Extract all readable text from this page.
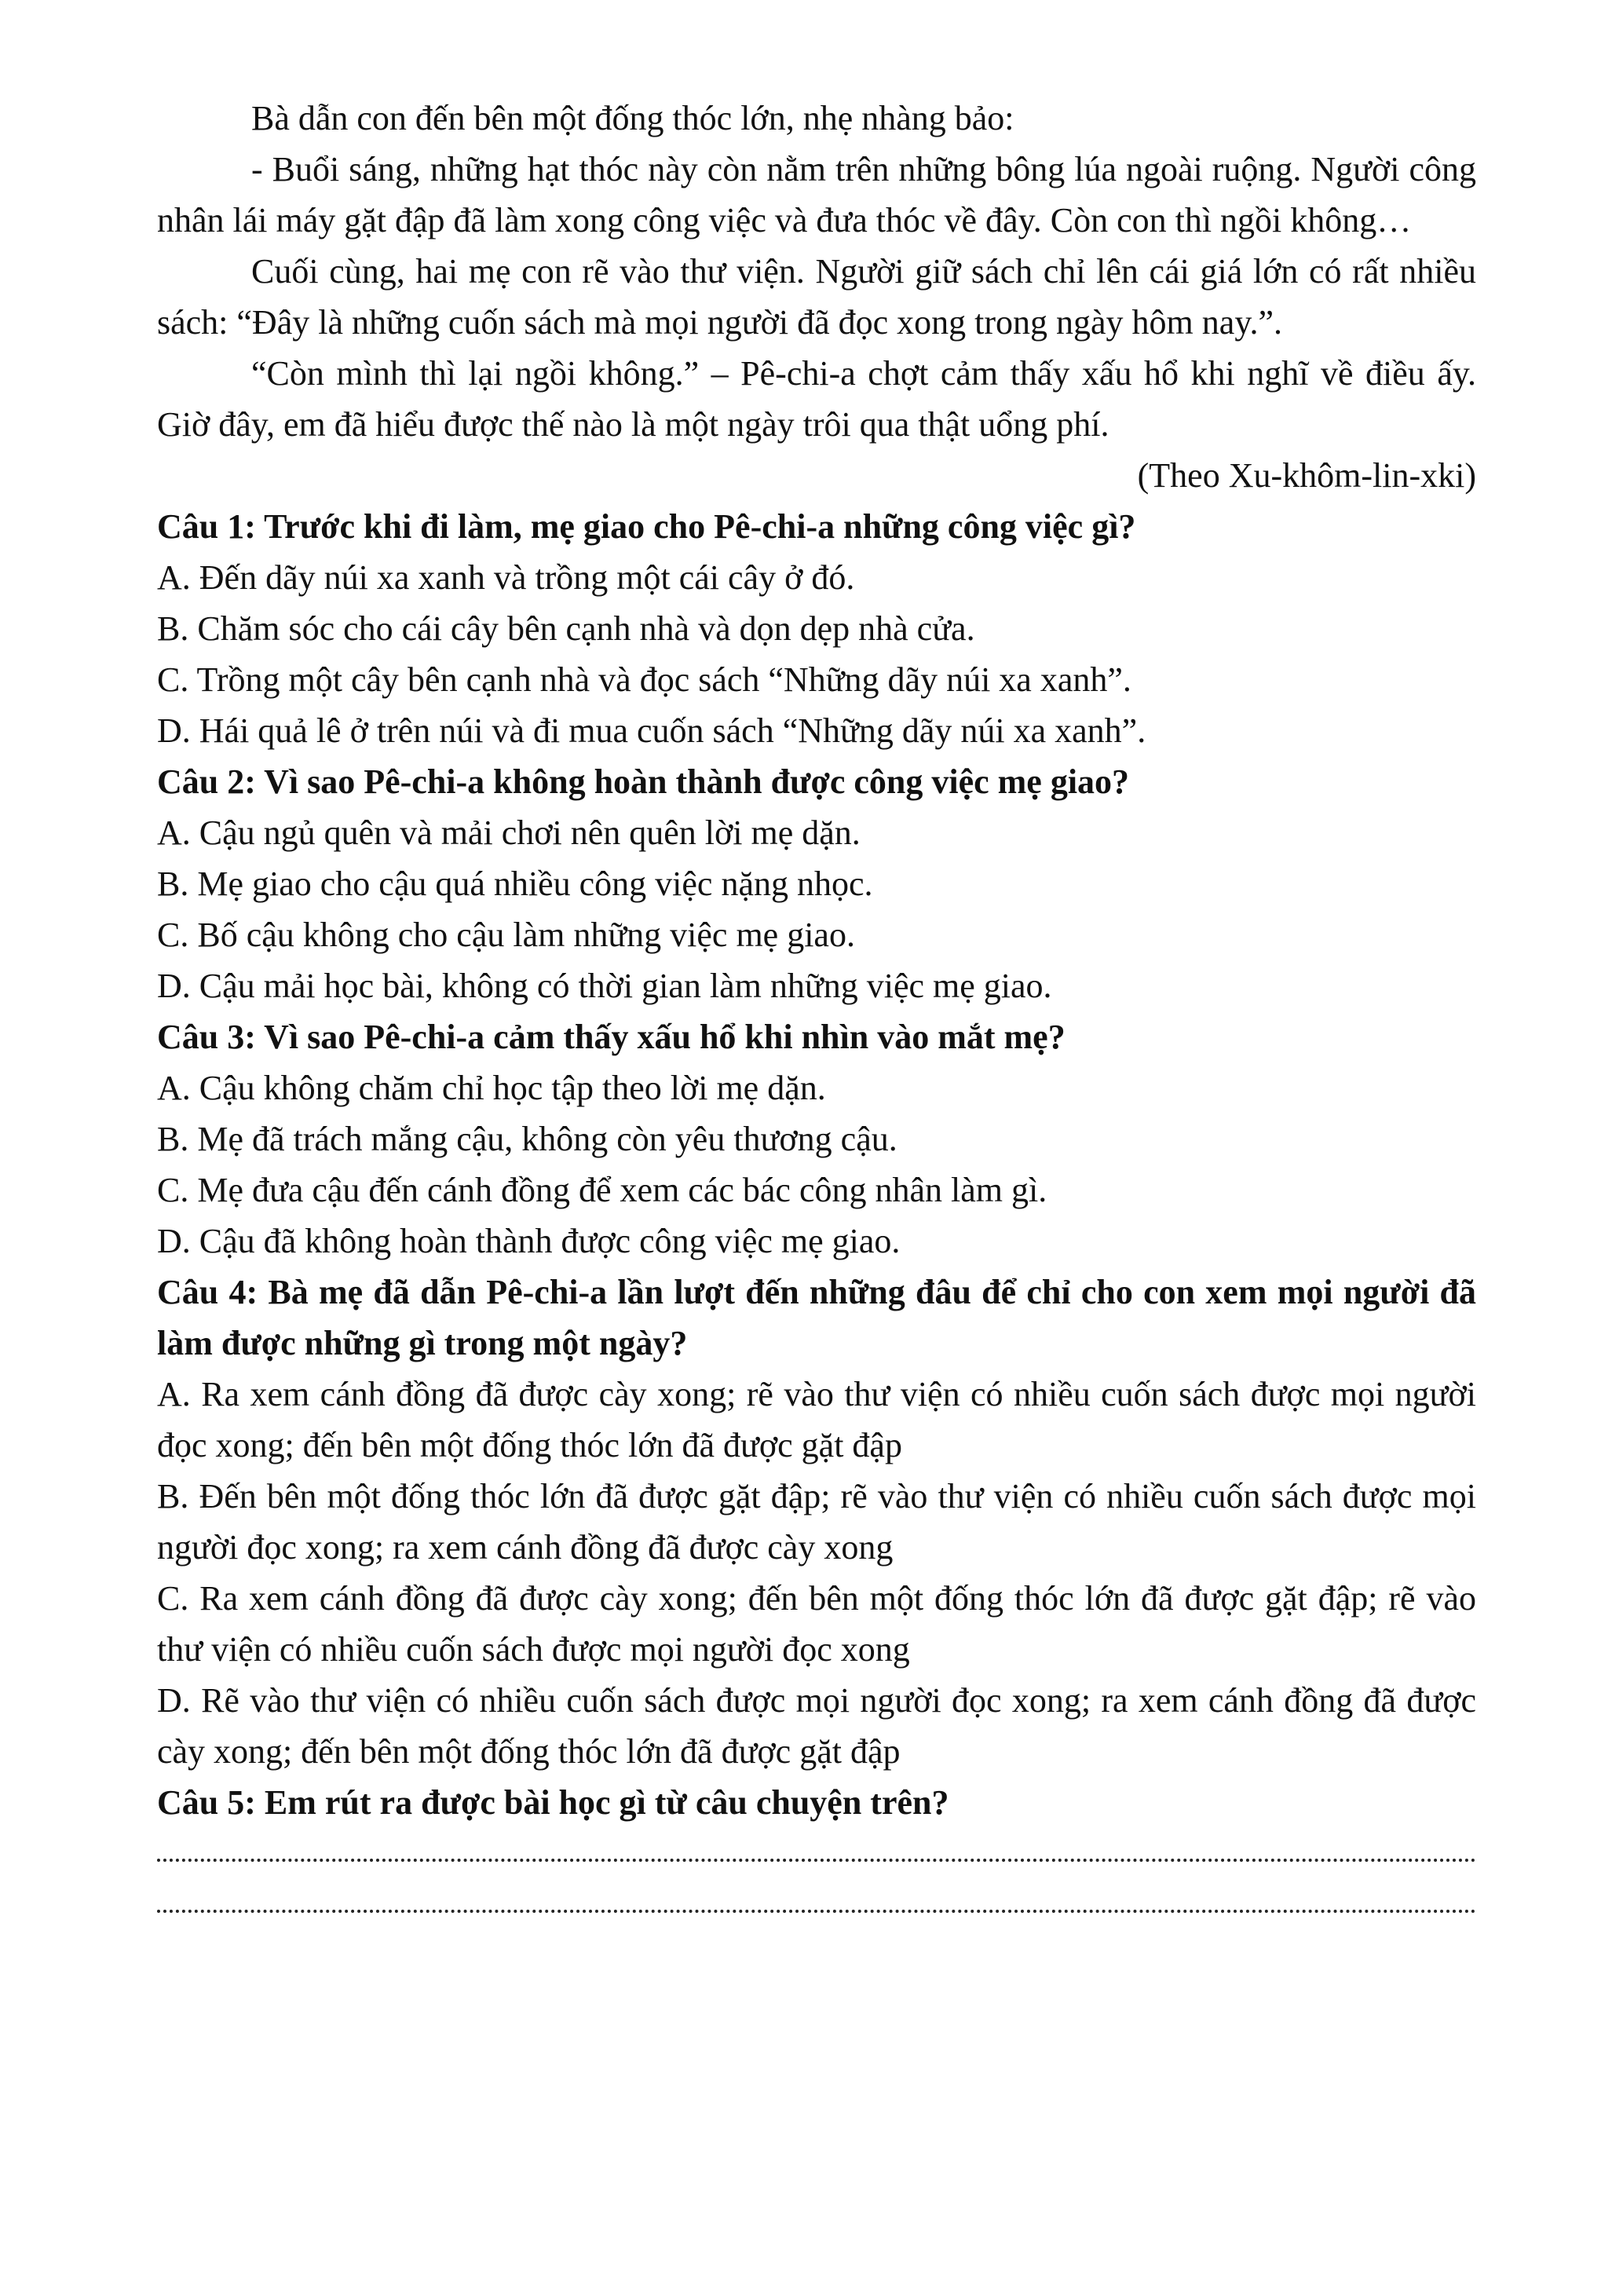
Bà dẫn con đến bên một đống thóc lớn, nhẹ nhàng bảo:

- Buổi sáng, những hạt thóc này còn nằm trên những bông lúa ngoài ruộng. Người công nhân lái máy gặt đập đã làm xong công việc và đưa thóc về đây. Còn con thì ngồi không…

Cuối cùng, hai mẹ con rẽ vào thư viện. Người giữ sách chỉ lên cái giá lớn có rất nhiều sách: “Đây là những cuốn sách mà mọi người đã đọc xong trong ngày hôm nay.”.

“Còn mình thì lại ngồi không.” – Pê-chi-a chợt cảm thấy xấu hổ khi nghĩ về điều ấy. Giờ đây, em đã hiểu được thế nào là một ngày trôi qua thật uổng phí.

(Theo Xu-khôm-lin-xki)

Câu 1: Trước khi đi làm, mẹ giao cho Pê-chi-a những công việc gì?

A. Đến dãy núi xa xanh và trồng một cái cây ở đó.

B. Chăm sóc cho cái cây bên cạnh nhà và dọn dẹp nhà cửa.

C. Trồng một cây bên cạnh nhà và đọc sách “Những dãy núi xa xanh”.

D. Hái quả lê ở trên núi và đi mua cuốn sách “Những dãy núi xa xanh”.

Câu 2: Vì sao Pê-chi-a không hoàn thành được công việc mẹ giao?

A. Cậu ngủ quên và mải chơi nên quên lời mẹ dặn.

B. Mẹ giao cho cậu quá nhiều công việc nặng nhọc.

C. Bố cậu không cho cậu làm những việc mẹ giao.

D. Cậu mải học bài, không có thời gian làm những việc mẹ giao.

Câu 3: Vì sao Pê-chi-a cảm thấy xấu hổ khi nhìn vào mắt mẹ?

A. Cậu không chăm chỉ học tập theo lời mẹ dặn.

B. Mẹ đã trách mắng cậu, không còn yêu thương cậu.

C. Mẹ đưa cậu đến cánh đồng để xem các bác công nhân làm gì.

D. Cậu đã không hoàn thành được công việc mẹ giao.

Câu 4: Bà mẹ đã dẫn Pê-chi-a lần lượt đến những đâu để chỉ cho con xem mọi người đã làm được những gì trong một ngày?

A. Ra xem cánh đồng đã được cày xong; rẽ vào thư viện có nhiều cuốn sách được mọi người đọc xong; đến bên một đống thóc lớn đã được gặt đập

B. Đến bên một đống thóc lớn đã được gặt đập; rẽ vào thư viện có nhiều cuốn sách được mọi người đọc xong; ra xem cánh đồng đã được cày xong

C. Ra xem cánh đồng đã được cày xong; đến bên một đống thóc lớn đã được gặt đập; rẽ vào thư viện có nhiều cuốn sách được mọi người đọc xong

D. Rẽ vào thư viện có nhiều cuốn sách được mọi người đọc xong; ra xem cánh đồng đã được cày xong; đến bên một đống thóc lớn đã được gặt đập

Câu 5: Em rút ra được bài học gì từ câu chuyện trên?
